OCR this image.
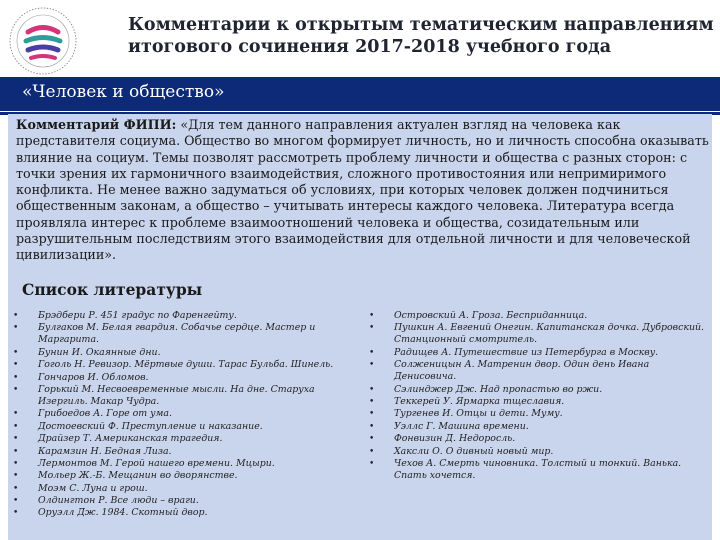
Комментарии к открытым тематическим направлениям
итогового сочинения 2017-2018 учебного года
«Человек и общество»
Комментарий ФИПИ: «Для тем данного направления актуален взгляд на человека как представителя социума. Общество во многом формирует личность, но и личность способна оказывать влияние на социум. Темы позволят рассмотреть проблему личности и общества с разных сторон: с точки зрения их гармоничного взаимодействия, сложного противостояния или непримиримого конфликта. Не менее важно задуматься об условиях, при которых человек должен подчиниться общественным законам, а общество – учитывать интересы каждого человека. Литература всегда проявляла интерес к проблеме взаимоотношений человека и общества, созидательным или разрушительным последствиям этого взаимодействия для отдельной личности и для человеческой цивилизации».
Список литературы
• Брэдбери Р. 451 градус по Фаренгейту.
• Булгаков М. Белая гвардия. Собачье сердце. Мастер и Маргарита.
• Бунин И. Окаянные дни.
• Гоголь Н. Ревизор. Мёртвые души. Тарас Бульба. Шинель.
• Гончаров И. Обломов.
• Горький М. Несвоевременные мысли. На дне. Старуха Изергиль. Макар Чудра.
• Грибоедов А. Горе от ума.
• Достоевский Ф. Преступление и наказание.
• Драйзер Т. Американская трагедия.
• Карамзин Н. Бедная Лиза.
• Лермонтов М. Герой нашего времени. Мцыри.
• Мольер Ж.-Б. Мещанин во дворянстве.
• Моэм С. Луна и грош.
• Олдингтон Р. Все люди – враги.
• Оруэлл Дж. 1984. Скотный двор.
• Островский А. Гроза. Бесприданница.
• Пушкин А. Евгений Онегин. Капитанская дочка. Дубровский. Станционный смотритель.
• Радищев А. Путешествие из Петербурга в Москву.
• Солженицын А. Матренин двор. Один день Ивана Денисовича.
• Сэлинджер Дж. Над пропастью во ржи.
• Теккерей У. Ярмарка тщеславия.
• Тургенев И. Отцы и дети. Муму.
• Уэллс Г. Машина времени.
• Фонвизин Д. Недоросль.
• Хаксли О. О дивный новый мир.
• Чехов А. Смерть чиновника. Толстый и тонкий. Ванька. Спать хочется.
